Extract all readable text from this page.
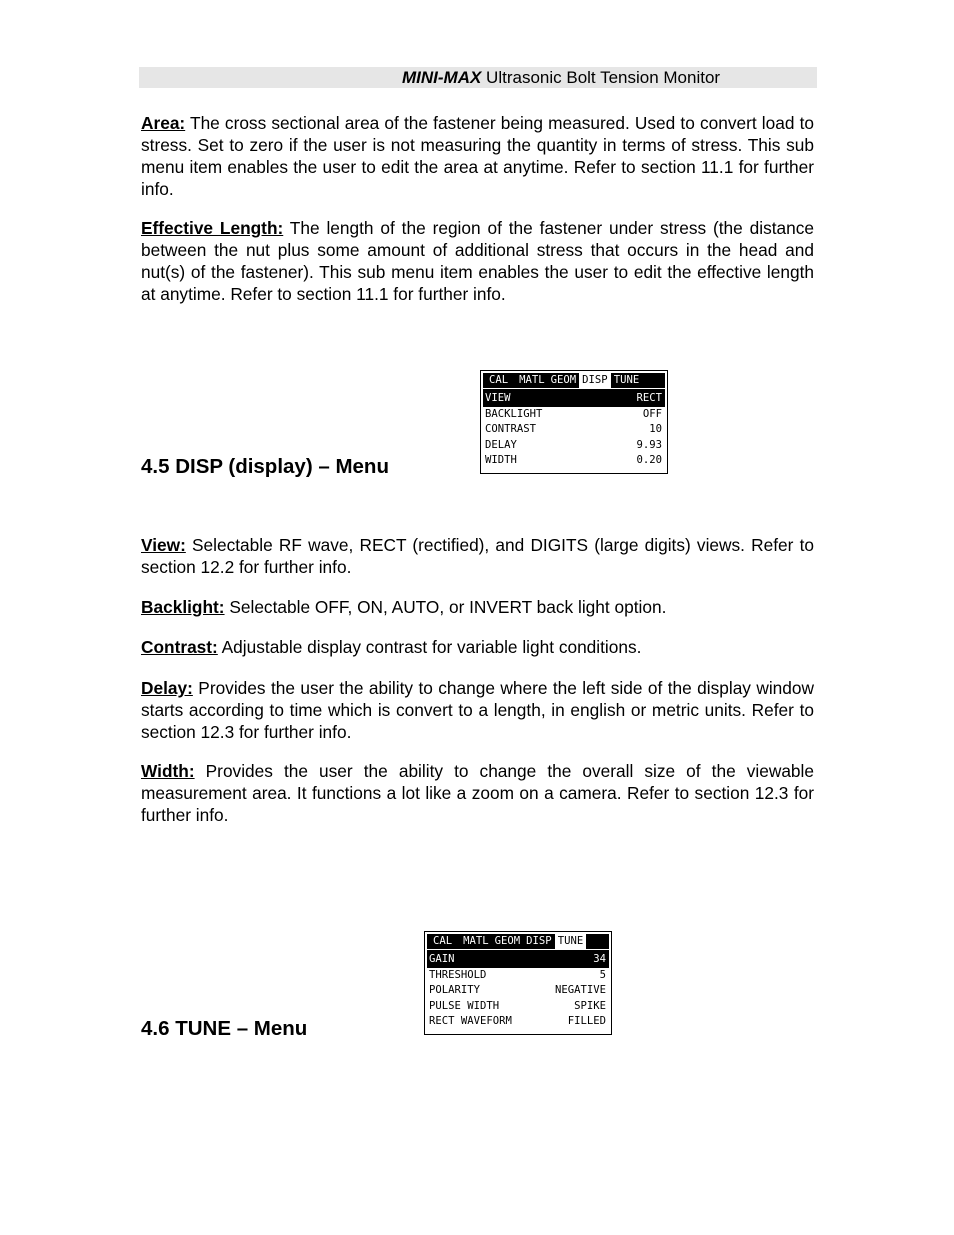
MINI-MAX Ultrasonic Bolt Tension Monitor

Area: The cross sectional area of the fastener being measured. Used to convert load to stress. Set to zero if the user is not measuring the quantity in terms of stress. This sub menu item enables the user to edit the area at anytime. Refer to section 11.1 for further info.

Effective Length: The length of the region of the fastener under stress (the distance between the nut plus some amount of additional stress that occurs in the head and nut(s) of the fastener). This sub menu item enables the user to edit the effective length at anytime. Refer to section 11.1 for further info.

CAL	MATL GEOM DISP TUNE
VIEW	RECT
BACKLIGHT	OFF
CONTRAST	10
DELAY	9.93
WIDTH	0.20
4.5 DISP (display) – Menu

View: Selectable RF wave, RECT (rectified), and DIGITS (large digits) views. Refer to section 12.2 for further info.

Backlight: Selectable OFF, ON, AUTO, or INVERT back light option.

Contrast: Adjustable display contrast for variable light conditions.

Delay: Provides the user the ability to change where the left side of the display window starts according to time which is convert to a length, in english or metric units. Refer to section 12.3 for further info.

Width: Provides the user the ability to change the overall size of the viewable measurement area. It functions a lot like a zoom on a camera. Refer to section 12.3 for further info.

CAL	MATL GEOM DISP TUNE
GAIN	34
THRESHOLD	5
POLARITY	NEGATIVE
PULSE WIDTH	SPIKE
RECT WAVEFORM	FILLED
4.6 TUNE – Menu
